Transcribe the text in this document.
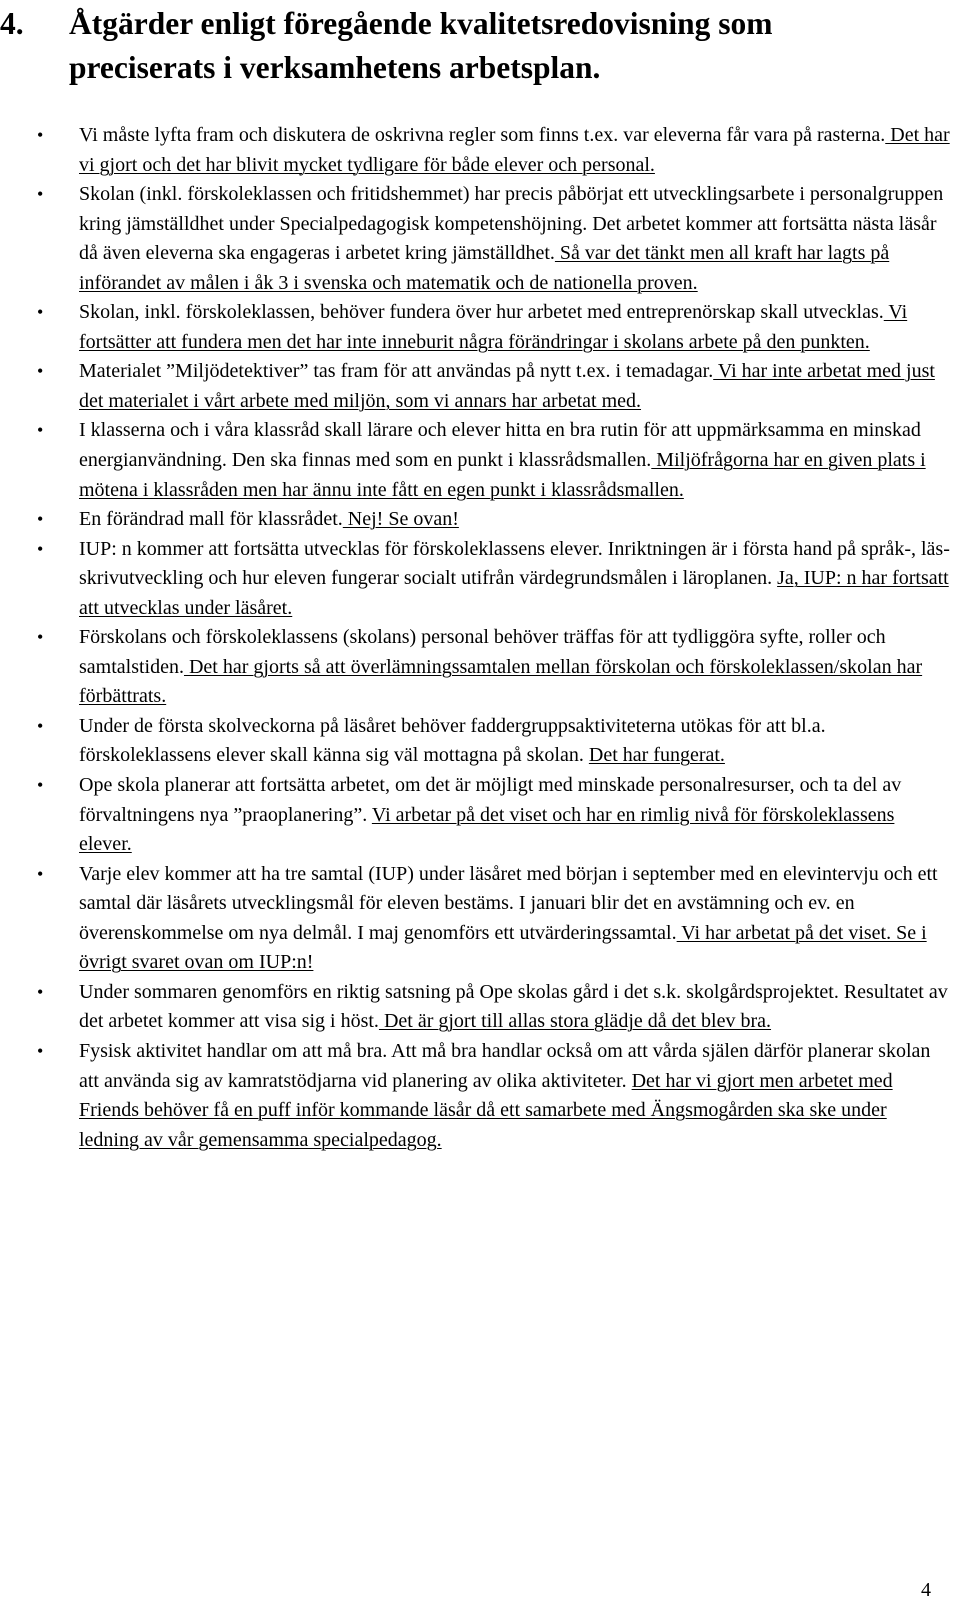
4. Åtgärder enligt föregående kvalitetsredovisning som
preciserats i verksamhetens arbetsplan.
• Vi måste lyfta fram och diskutera de oskrivna regler som finns t.ex. var eleverna får vara på rasterna. Det har vi gjort och det har blivit mycket tydligare för både elever och personal.
• Skolan (inkl. förskoleklassen och fritidshemmet) har precis påbörjat ett utvecklingsarbete i personalgruppen kring jämställdhet under Specialpedagogisk kompetenshöjning. Det arbetet kommer att fortsätta nästa läsår då även eleverna ska engageras i arbetet kring jämställdhet. Så var det tänkt men all kraft har lagts på införandet av målen i åk 3 i svenska och matematik och de nationella proven.
• Skolan, inkl. förskoleklassen, behöver fundera över hur arbetet med entreprenörskap skall utvecklas. Vi fortsätter att fundera men det har inte inneburit några förändringar i skolans arbete på den punkten.
• Materialet ”Miljödetektiver” tas fram för att användas på nytt t.ex. i temadagar. Vi har inte arbetat med just det materialet i vårt arbete med miljön, som vi annars har arbetat med.
• I klasserna och i våra klassråd skall lärare och elever hitta en bra rutin för att uppmärksamma en minskad energianvändning. Den ska finnas med som en punkt i klassrådsmallen. Miljöfrågorna har en given plats i mötena i klassråden men har ännu inte fått en egen punkt i klassrådsmallen.
• En förändrad mall för klassrådet. Nej! Se ovan!
• IUP: n kommer att fortsätta utvecklas för förskoleklassens elever. Inriktningen är i första hand på språk-, läs- skrivutveckling och hur eleven fungerar socialt utifrån värdegrundsmålen i läroplanen. Ja, IUP: n har fortsatt att utvecklas under läsåret.
• Förskolans och förskoleklassens (skolans) personal behöver träffas för att tydliggöra syfte, roller och samtalstiden. Det har gjorts så att överlämningssamtalen mellan förskolan och förskoleklassen/skolan har förbättrats.
• Under de första skolveckorna på läsåret behöver faddergruppsaktiviteterna utökas för att bl.a. förskoleklassens elever skall känna sig väl mottagna på skolan. Det har fungerat.
• Ope skola planerar att fortsätta arbetet, om det är möjligt med minskade personalresurser, och ta del av förvaltningens nya ”praoplanering”. Vi arbetar på det viset och har en rimlig nivå för förskoleklassens elever.
• Varje elev kommer att ha tre samtal (IUP) under läsåret med början i september med en elevintervju och ett samtal där läsårets utvecklingsmål för eleven bestäms. I januari blir det en avstämning och ev. en överenskommelse om nya delmål. I maj genomförs ett utvärderingssamtal. Vi har arbetat på det viset. Se i övrigt svaret ovan om IUP:n!
• Under sommaren genomförs en riktig satsning på Ope skolas gård i det s.k. skolgårdsprojektet. Resultatet av det arbetet kommer att visa sig i höst. Det är gjort till allas stora glädje då det blev bra.
• Fysisk aktivitet handlar om att må bra. Att må bra handlar också om att vårda själen därför planerar skolan att använda sig av kamratstödjarna vid planering av olika aktiviteter. Det har vi gjort men arbetet med Friends behöver få en puff inför kommande läsår då ett samarbete med Ängsmogården ska ske under ledning av vår gemensamma specialpedagog.
4
